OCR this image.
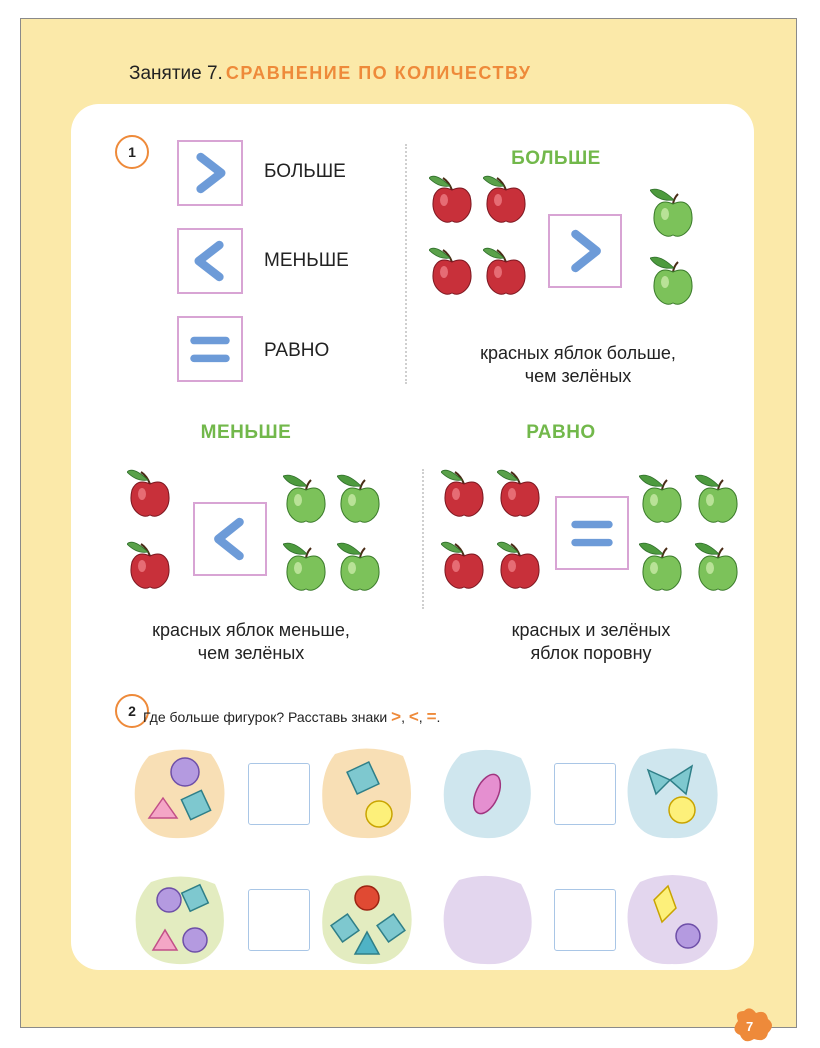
Занятие 7. СРАВНЕНИЕ ПО КОЛИЧЕСТВУ
1
БОЛЬШЕ
МЕНЬШЕ
РАВНО
БОЛЬШЕ
красных яблок больше,
чем зелёных
МЕНЬШЕ
красных яблок меньше,
чем зелёных
РАВНО
красных и зелёных
яблок поровну
2 Где больше фигурок? Расставь знаки >, <, =.
7
